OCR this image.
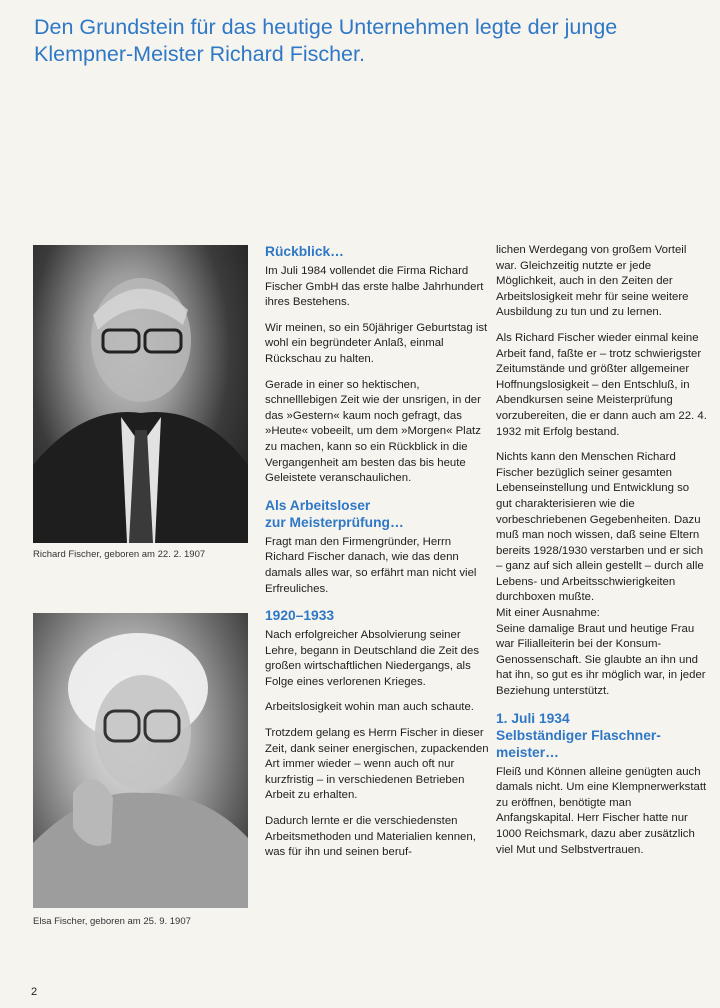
Den Grundstein für das heutige Unternehmen legte der junge
Klempner-Meister Richard Fischer.
Richard Fischer, geboren am 22. 2. 1907
Elsa Fischer, geboren am 25. 9. 1907
Rückblick…

Im Juli 1984 vollendet die Firma Richard Fischer GmbH das erste halbe Jahrhundert ihres Bestehens.

Wir meinen, so ein 50jähriger Geburtstag ist wohl ein begründeter Anlaß, einmal Rückschau zu halten.

Gerade in einer so hektischen, schnelllebigen Zeit wie der unsrigen, in der das »Gestern« kaum noch gefragt, das »Heute« vobeeilt, um dem »Morgen« Platz zu machen, kann so ein Rückblick in die Vergangenheit am besten das bis heute Geleistete veranschaulichen.

Als Arbeitsloser
zur Meisterprüfung…

Fragt man den Firmengründer, Herrn Richard Fischer danach, wie das denn damals alles war, so erfährt man nicht viel Erfreuliches.

1920–1933

Nach erfolgreicher Absolvierung seiner Lehre, begann in Deutschland die Zeit des großen wirtschaftlichen Niedergangs, als Folge eines verlorenen Krieges.

Arbeitslosigkeit wohin man auch schaute.

Trotzdem gelang es Herrn Fischer in dieser Zeit, dank seiner energischen, zupackenden Art immer wieder – wenn auch oft nur kurzfristig – in verschiedenen Betrieben Arbeit zu erhalten.

Dadurch lernte er die verschiedensten Arbeitsmethoden und Materialien kennen, was für ihn und seinen beruf-

lichen Werdegang von großem Vorteil war. Gleichzeitig nutzte er jede Möglichkeit, auch in den Zeiten der Arbeitslosigkeit mehr für seine weitere Ausbildung zu tun und zu lernen.

Als Richard Fischer wieder einmal keine Arbeit fand, faßte er – trotz schwierigster Zeitumstände und größter allgemeiner Hoffnungslosigkeit – den Entschluß, in Abendkursen seine Meisterprüfung vorzubereiten, die er dann auch am 22. 4. 1932 mit Erfolg bestand.

Nichts kann den Menschen Richard Fischer bezüglich seiner gesamten Lebenseinstellung und Entwicklung so gut charakterisieren wie die vorbeschriebenen Gegebenheiten. Dazu muß man noch wissen, daß seine Eltern bereits 1928/1930 verstarben und er sich – ganz auf sich allein gestellt – durch alle Lebens- und Arbeitsschwierigkeiten durchboxen mußte.

Mit einer Ausnahme:

Seine damalige Braut und heutige Frau war Filialleiterin bei der Konsum-Genossenschaft. Sie glaubte an ihn und hat ihn, so gut es ihr möglich war, in jeder Beziehung unterstützt.

1. Juli 1934
Selbständiger Flaschner-
meister…

Fleiß und Können alleine genügten auch damals nicht. Um eine Klempnerwerkstatt zu eröffnen, benötigte man Anfangskapital. Herr Fischer hatte nur 1000 Reichsmark, dazu aber zusätzlich viel Mut und Selbstvertrauen.

2
